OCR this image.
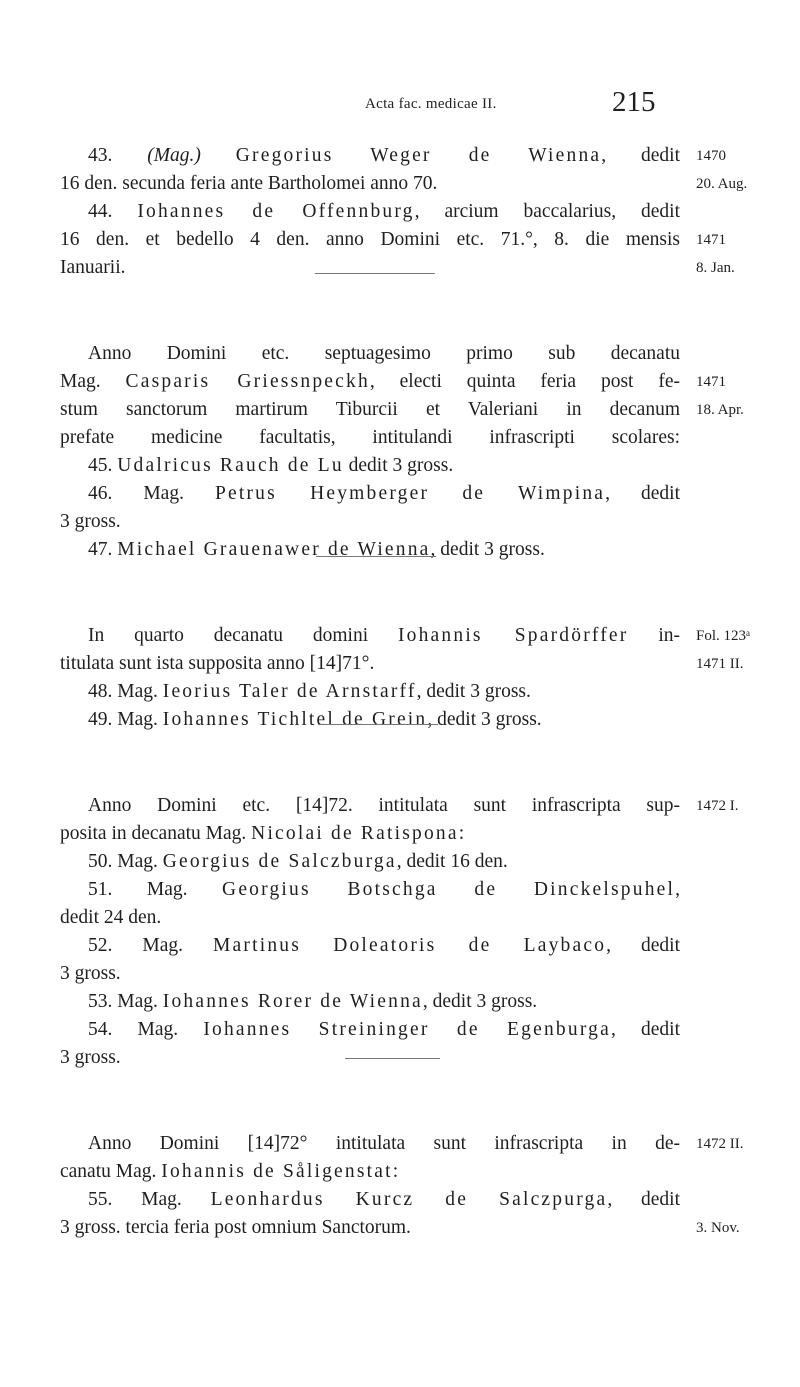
Acta fac. medicae II.	215
43. (Mag.) Gregorius Weger de Wienna, dedit
16 den. secunda feria ante Bartholomei anno 70.
44. Iohannes de Offennburg, arcium baccalarius, dedit
16 den. et bedello 4 den. anno Domini etc. 71.°, 8. die mensis
Ianuarii.
Anno Domini etc. septuagesimo primo sub decanatu
Mag. Casparis Griessnpeckh, electi quinta feria post fe-
stum sanctorum martirum Tiburcii et Valeriani in decanum
prefate medicine facultatis, intitulandi infrascripti scolares:
45. Udalricus Rauch de Lu dedit 3 gross.
46. Mag. Petrus Heymberger de Wimpina, dedit
3 gross.
47. Michael Grauenawer de Wienna, dedit 3 gross.
In quarto decanatu domini Iohannis Spardörffer in-
titulata sunt ista supposita anno [14]71°.
48. Mag. Ieorius Taler de Arnstarff, dedit 3 gross.
49. Mag. Iohannes Tichltel de Grein, dedit 3 gross.
Anno Domini etc. [14]72. intitulata sunt infrascripta sup-
posita in decanatu Mag. Nicolai de Ratispona:
50. Mag. Georgius de Salczburga, dedit 16 den.
51. Mag. Georgius Botschga de Dinckelspuhel,
dedit 24 den.
52. Mag. Martinus Doleatoris de Laybaco, dedit
3 gross.
53. Mag. Iohannes Rorer de Wienna, dedit 3 gross.
54. Mag. Iohannes Streininger de Egenburga, dedit
3 gross.
Anno Domini [14]72° intitulata sunt infrascripta in de-
canatu Mag. Iohannis de Såligenstat:
55. Mag. Leonhardus Kurcz de Salczpurga, dedit
3 gross. tercia feria post omnium Sanctorum.
1470
20. Aug.
1471
8. Jan.
1471
18. Apr.
Fol. 123ᵃ
1471 II.
1472 I.
1472 II.
3. Nov.
